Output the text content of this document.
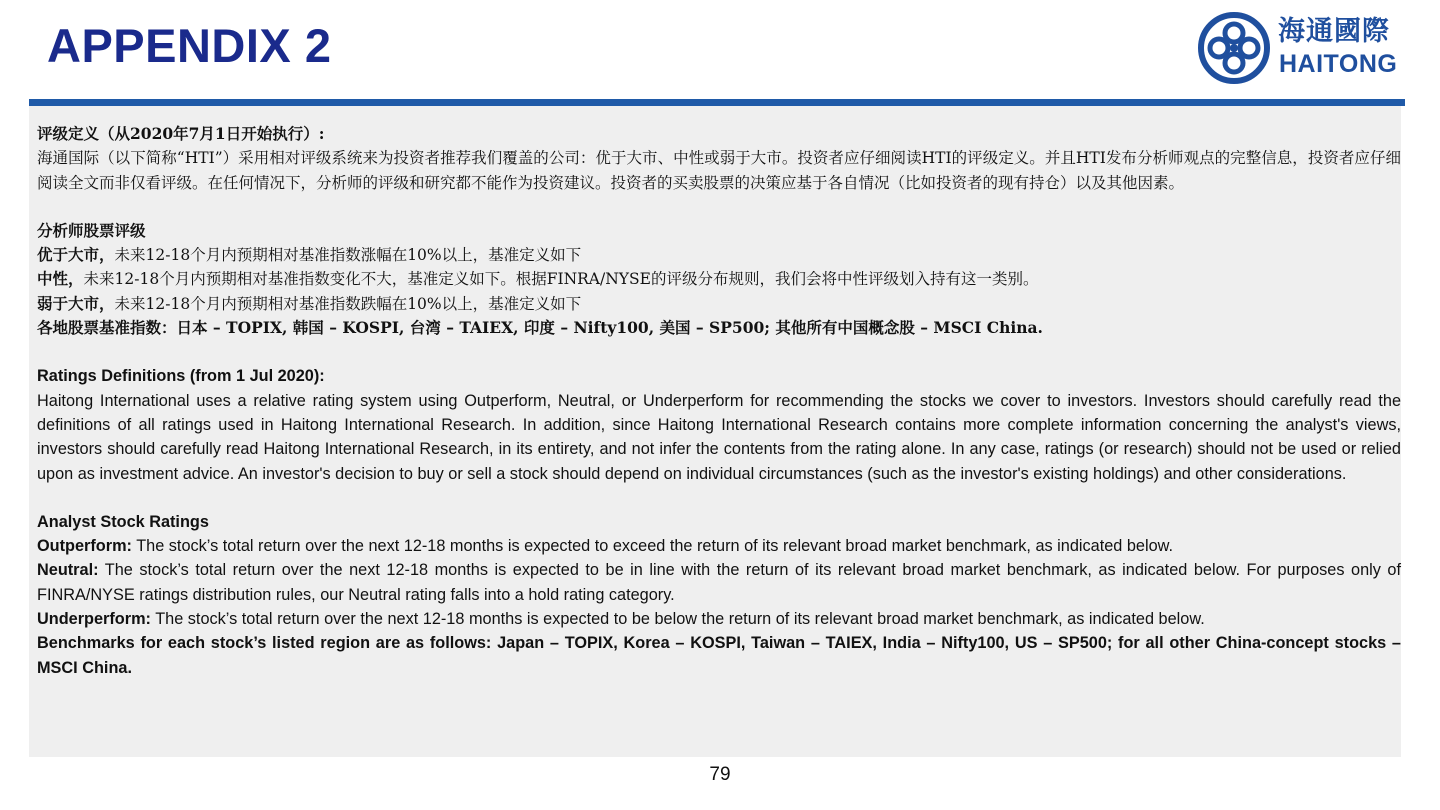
APPENDIX 2	海通國際
HAITONG

评级定义（从2020年7月1日开始执行）:

海通国际（以下简称“HTI”）采用相对评级系统来为投资者推荐我们覆盖的公司：优于大市、中性或弱于大市。投资者应仔细阅读HTI的评级定义。并且HTI发布分析师观点的完整信息，投资者应仔细阅读全文而非仅看评级。在任何情况下，分析师的评级和研究都不能作为投资建议。投资者的买卖股票的决策应基于各自情况（比如投资者的现有持仓）以及其他因素。

分析师股票评级

优于大市，未来12-18个月内预期相对基准指数涨幅在10%以上，基准定义如下

中性，未来12-18个月内预期相对基准指数变化不大，基准定义如下。根据FINRA/NYSE的评级分布规则，我们会将中性评级划入持有这一类别。

弱于大市，未来12-18个月内预期相对基准指数跌幅在10%以上，基准定义如下

各地股票基准指数：日本 – TOPIX, 韩国 – KOSPI, 台湾 – TAIEX, 印度 – Nifty100, 美国 – SP500; 其他所有中国概念股 – MSCI China.

Ratings Definitions (from 1 Jul 2020):

Haitong International uses a relative rating system using Outperform, Neutral, or Underperform for recommending the stocks we cover to investors. Investors should carefully read the definitions of all ratings used in Haitong International Research. In addition, since Haitong International Research contains more complete information concerning the analyst's views, investors should carefully read Haitong International Research, in its entirety, and not infer the contents from the rating alone. In any case, ratings (or research) should not be used or relied upon as investment advice. An investor's decision to buy or sell a stock should depend on individual circumstances (such as the investor's existing holdings) and other considerations.

Analyst Stock Ratings

Outperform: The stock’s total return over the next 12-18 months is expected to exceed the return of its relevant broad market benchmark, as indicated below.

Neutral: The stock’s total return over the next 12-18 months is expected to be in line with the return of its relevant broad market benchmark, as indicated below. For purposes only of FINRA/NYSE ratings distribution rules, our Neutral rating falls into a hold rating category.

Underperform: The stock’s total return over the next 12-18 months is expected to be below the return of its relevant broad market benchmark, as indicated below.

Benchmarks for each stock’s listed region are as follows: Japan – TOPIX, Korea – KOSPI, Taiwan – TAIEX, India – Nifty100, US – SP500; for all other China-concept stocks – MSCI China.

79
